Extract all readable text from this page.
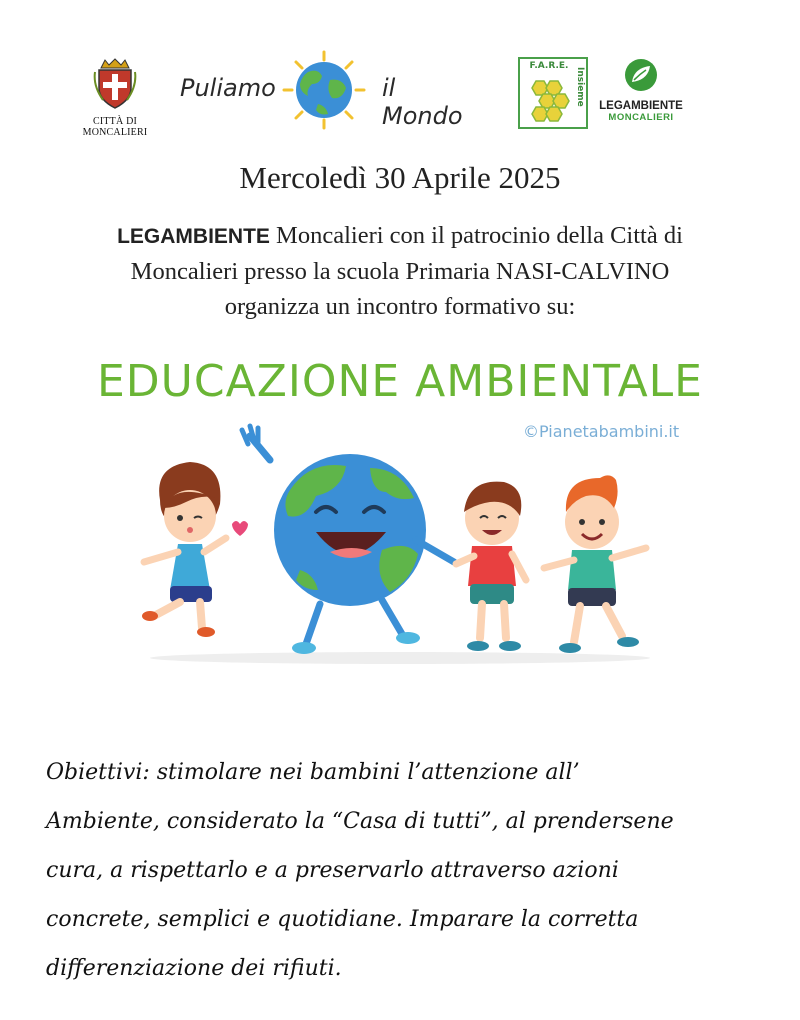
CITTÀ DI MONCALIERI
Puliamo	il Mondo
F.A.R.E.
Insieme LEGAMBIENTE
MONCALIERI
Mercoledì 30 Aprile 2025
LEGAMBIENTE Moncalieri con il patrocinio della Città di
Moncalieri presso la scuola Primaria NASI-CALVINO
organizza un incontro formativo su:
EDUCAZIONE AMBIENTALE
©Pianetabambini.it
Obiettivi: stimolare nei bambini l’attenzione all’
Ambiente, considerato la “Casa di tutti”, al prendersene
cura, a rispettarlo e a preservarlo attraverso azioni
concrete, semplici e quotidiane. Imparare la corretta
differenziazione dei rifiuti.
